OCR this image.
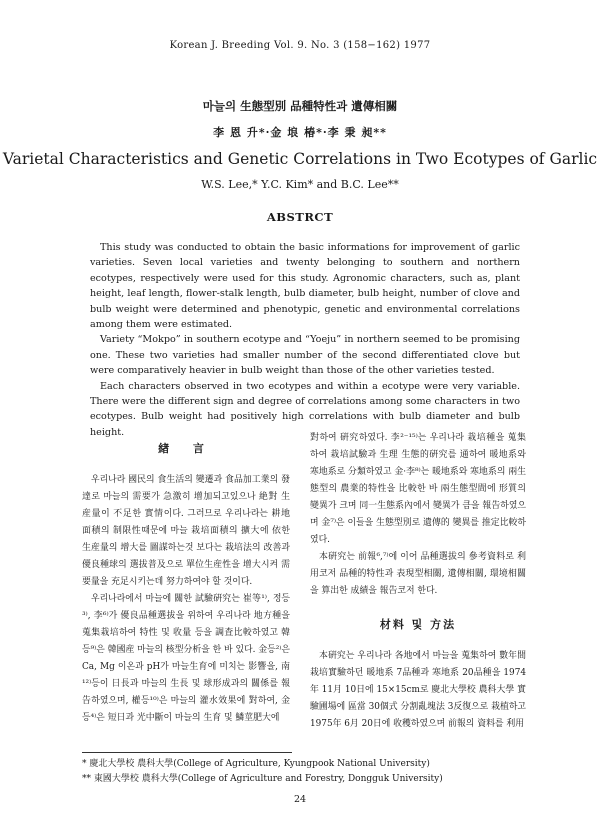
Korean J. Breeding Vol. 9. No. 3 (158−162) 1977
마늘의 生態型別 品種特性과 遺傳相關
李 恩 升*·金 埌 椿*·李 秉 昶**
Varietal Characteristics and Genetic Correlations in Two Ecotypes of Garlic
W.S. Lee,* Y.C. Kim* and B.C. Lee**
ABSTRCT

This study was conducted to obtain the basic informations for improvement of garlic varieties. Seven local varieties and twenty belonging to southern and northern ecotypes, respectively were used for this study. Agronomic characters, such as, plant height, leaf length, flower-stalk length, bulb diameter, bulb height, number of clove and bulb weight were determined and phenotypic, genetic and environmental correlations among them were estimated.

Variety “Mokpo” in southern ecotype and “Yoeju” in northern seemed to be promising one. These two varieties had smaller number of the second differentiated clove but were comparatively heavier in bulb weight than those of the other varieties tested.

Each characters observed in two ecotypes and within a ecotype were very variable. There were the different sign and degree of correlations among some characters in two ecotypes. Bulb weight had positively high correlations with bulb diameter and bulb height.

緖 言

우리나라 國民의 食生活의 變遷과 食品加工業의 發達로 마늘의 需要가 急激히 增加되고있으나 絶對 生産量이 不足한 實情이다. 그러므로 우리나라는 耕地面積의 制限性때문에 마늘 栽培面積의 擴大에 依한 生産量의 增大를 圖謀하는것 보다는 栽培法의 改善과 優良種球의 選拔普及으로 單位生産性을 增大시켜 需要量을 充足시키는데 努力하여야 할 것이다.

우리나라에서 마늘에 關한 試驗硏究는 崔等¹⁾, 정등³⁾, 李⁶⁾가 優良品種選拔을 위하여 우리나라 地方種을 蒐集栽培하여 特性 및 收量 등을 調査比較하였고 韓등⁹⁾은 韓國産 마늘의 核型分析을 한 바 있다. 金등²⁾은 Ca, Mg 이온과 pH가 마늘生育에 미치는 影響을, 南¹²⁾등이 日長과 마늘의 生長 및 球形成과의 關係를 報告하였으며, 權등¹⁰⁾은 마늘의 灌水效果에 對하여, 金등⁴⁾은 短日과 光中斷이 마늘의 生育 및 鱗莖肥大에

對하여 硏究하였다. 李²⁻¹⁵⁾는 우리나라 栽培種을 蒐集하여 栽培試驗과 生理 生態的硏究를 通하여 暖地系와 寒地系로 分類하였고 金·李⁸⁾는 暖地系와 寒地系의 兩生態型의 農業的特性을 比較한 바 兩生態型間에 形質의 變異가 크며 同一生態系內에서 變異가 큼을 報告하였으며 金⁷⁾은 이들을 生態型別로 遺傳的 變異를 推定比較하였다.

本硏究는 前報⁶,⁷⁾에 이어 品種選拔의 參考資料로 利用코저 品種的特性과 表現型相關, 遺傳相關, 環境相關을 算出한 成績을 報告코저 한다.

材料 및 方法

本硏究는 우리나라 各地에서 마늘을 蒐集하여 數年間 栽培實驗하던 暖地系 7品種과 寒地系 20品種을 1974年 11月 10日에 15×15cm로 慶北大學校 農科大學 實驗圃場에 區當 30個式 分割亂塊法 3反復으로 栽植하고 1975年 6月 20日에 收穫하였으며 前報의 資料를 利用

* 慶北大學校 農科大學(College of Agriculture, Kyungpook National University)
** 東國大學校 農科大學(College of Agriculture and Forestry, Dongguk University)
24
